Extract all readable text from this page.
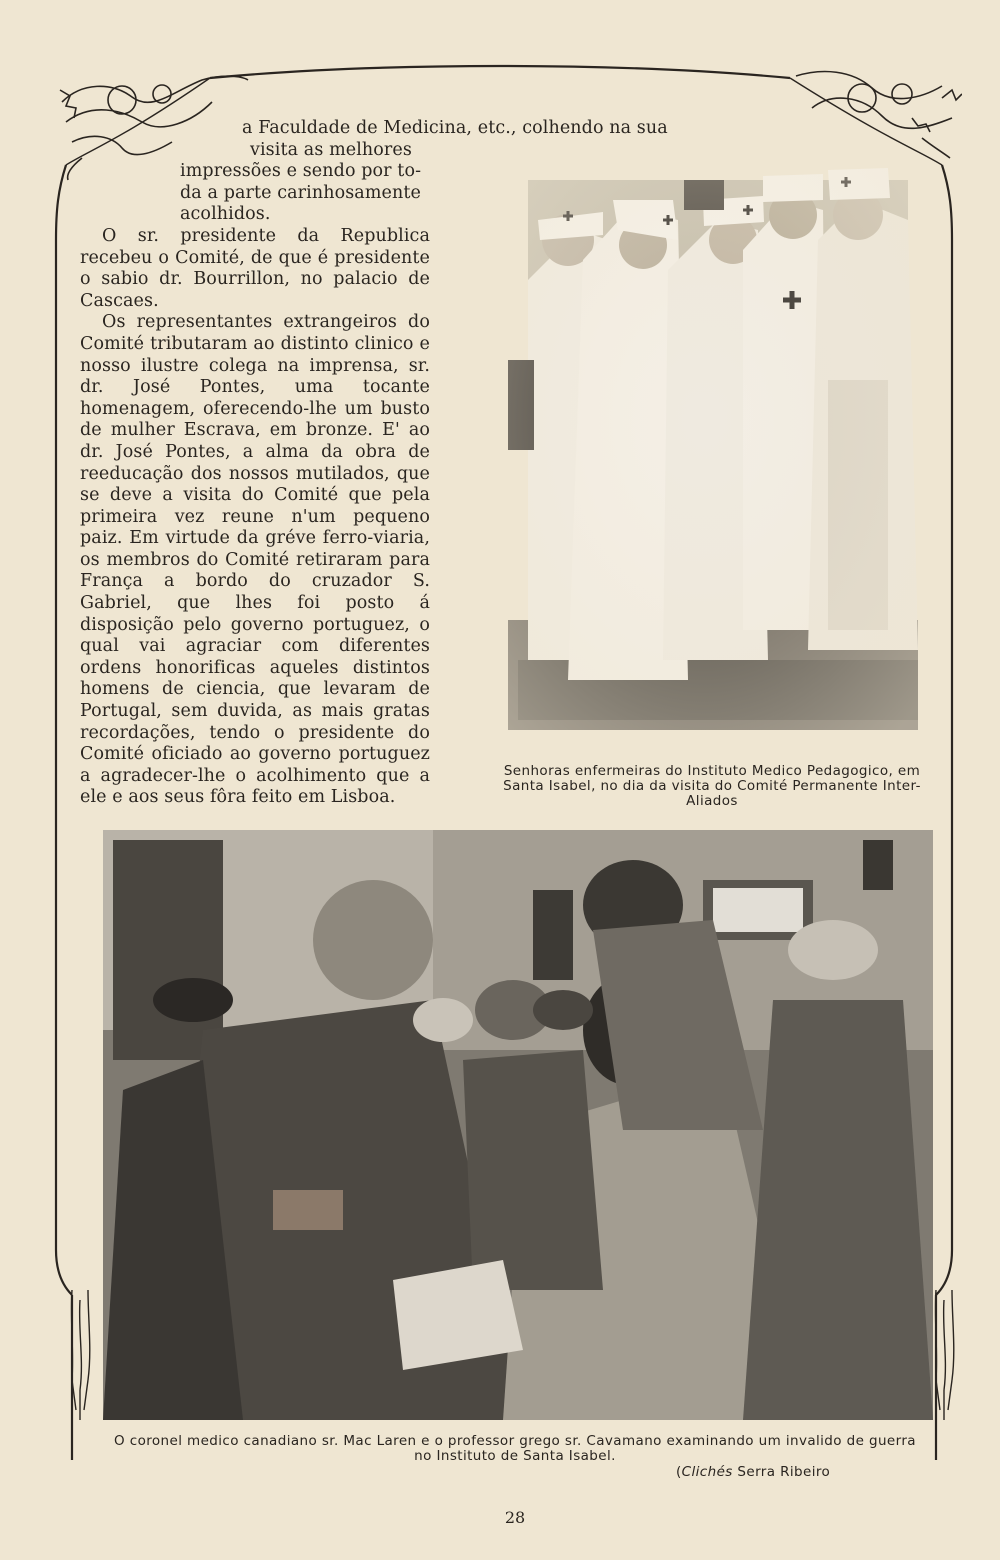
a Faculdade de Medicina, etc., colhendo na sua
visita as melhores
impressões e sendo por to-
da a parte carinhosamente
acolhidos.

O sr. presidente da Republica recebeu o Comité, de que é presidente o sabio dr. Bourrillon, no palacio de Cascaes.

Os representantes extrangeiros do Comité tributaram ao distinto clinico e nosso ilustre colega na imprensa, sr. dr. José Pontes, uma tocante homenagem, oferecendo-lhe um busto de mulher Escrava, em bronze. E' ao dr. José Pontes, a alma da obra de reeducação dos nossos mutilados, que se deve a visita do Comité que pela primeira vez reune n'um pequeno paiz. Em virtude da gréve ferro-viaria, os membros do Comité retiraram para França a bordo do cruzador S. Gabriel, que lhes foi posto á disposição pelo governo portuguez, o qual vai agraciar com diferentes ordens honorificas aqueles distintos homens de ciencia, que levaram de Portugal, sem duvida, as mais gratas recordações, tendo o presidente do Comité oficiado ao governo portuguez a agradecer-lhe o acolhimento que a ele e aos seus fôra feito em Lisboa.

Senhoras enfermeiras do Instituto Medico Pedagogico, em Santa Isabel, no dia da visita do Comité Permanente Inter-Aliados
O coronel medico canadiano sr. Mac Laren e o professor grego sr. Cavamano examinando um invalido de guerra no Instituto de Santa Isabel.
(Clichés Serra Ribeiro
28
